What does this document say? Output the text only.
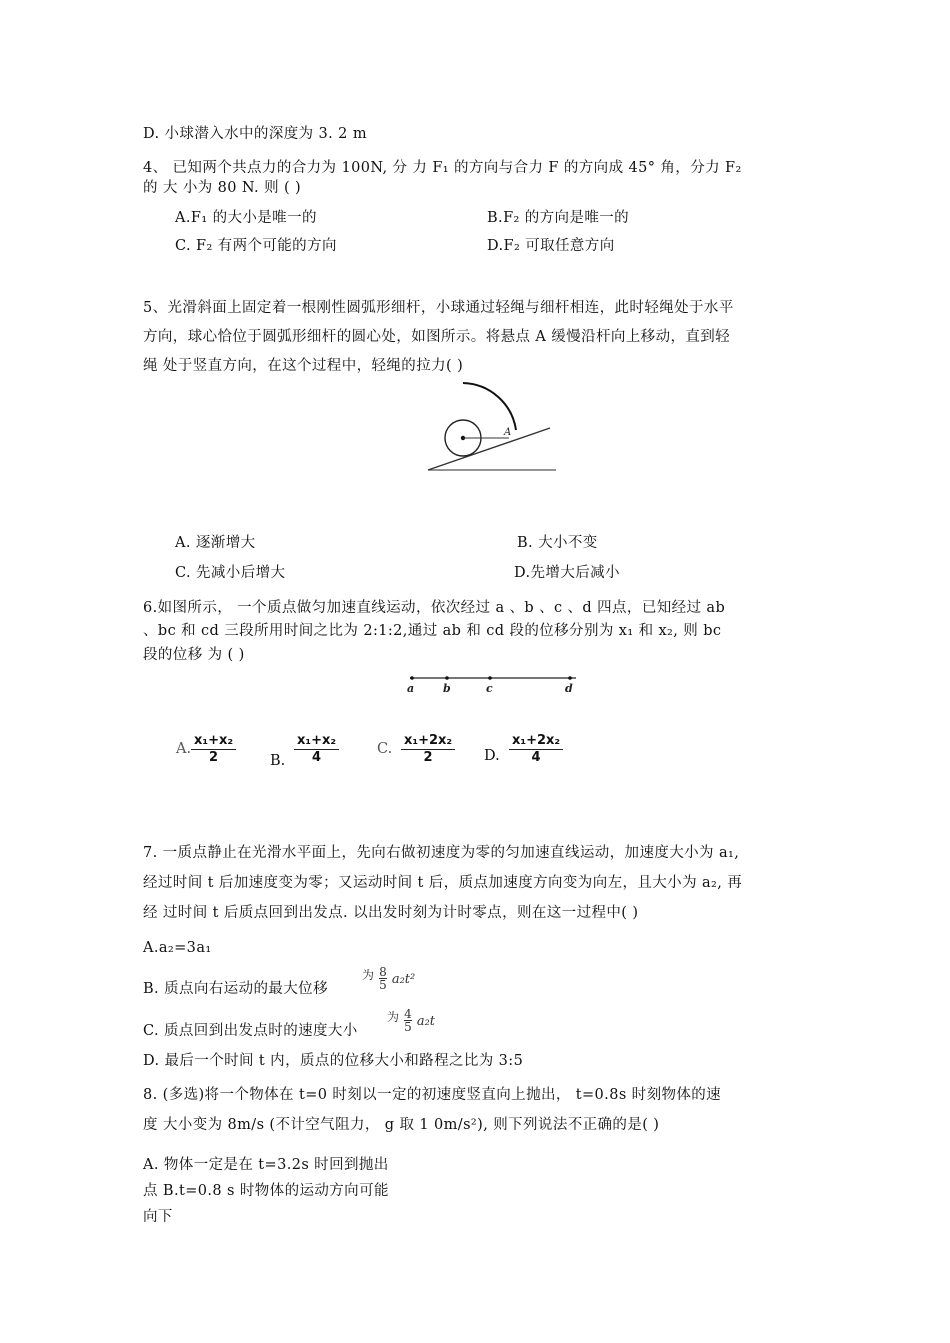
D. 小球潜入水中的深度为 3. 2 m
4、 已知两个共点力的合力为 100N, 分 力 F₁ 的方向与合力 F 的方向成 45° 角，分力 F₂
的 大 小为 80 N. 则 ( )
A.F₁ 的大小是唯一的	B.F₂ 的方向是唯一的
C. F₂ 有两个可能的方向	D.F₂ 可取任意方向
5、光滑斜面上固定着一根刚性圆弧形细杆，小球通过轻绳与细杆相连，此时轻绳处于水平
方向，球心恰位于圆弧形细杆的圆心处，如图所示。将悬点 A 缓慢沿杆向上移动，直到轻
绳 处于竖直方向，在这个过程中，轻绳的拉力( )
A
A. 逐渐增大	B. 大小不变
C. 先减小后增大	D.先增大后减小
6.如图所示， 一个质点做匀加速直线运动，依次经过 a 、b 、c 、d 四点，已知经过 ab
、bc 和 cd 三段所用时间之比为 2:1:2,通过 ab 和 cd 段的位移分别为 x₁ 和 x₂, 则 bc
段的位移 为 ( )
a	b	c	d
A. $\frac{\text{x₁+x₂}}{2} B$. $\frac{\text{x₁+x₂}}{4}$	C. $\frac{\text{x₁+2x₂}}{2} D$. $\frac{\text{x₁+2x₂}}{4}$
7. 一质点静止在光滑水平面上，先向右做初速度为零的匀加速直线运动，加速度大小为 a₁,
经过时间 t 后加速度变为零；又运动时间 t 后，质点加速度方向变为向左，且大小为 a₂, 再
经 过时间 t 后质点回到出发点. 以出发时刻为计时零点，则在这一过程中( )
A.a₂=3a₁
B. 质点向右运动的最大位移
$^为 \frac{8}{5} a_2t^2$
C. 质点回到出发点时的速度大小
$^为 \frac{4}{5} a_2t$
D. 最后一个时间 t 内，质点的位移大小和路程之比为 3:5
8. (多选)将一个物体在 t=0 时刻以一定的初速度竖直向上抛出， t=0.8s 时刻物体的速
度 大小变为 8m/s (不计空气阻力， g 取 1 0m/s²), 则下列说法不正确的是( )
A. 物体一定是在 t=3.2s 时回到抛出
点 B.t=0.8 s 时物体的运动方向可能
向下
